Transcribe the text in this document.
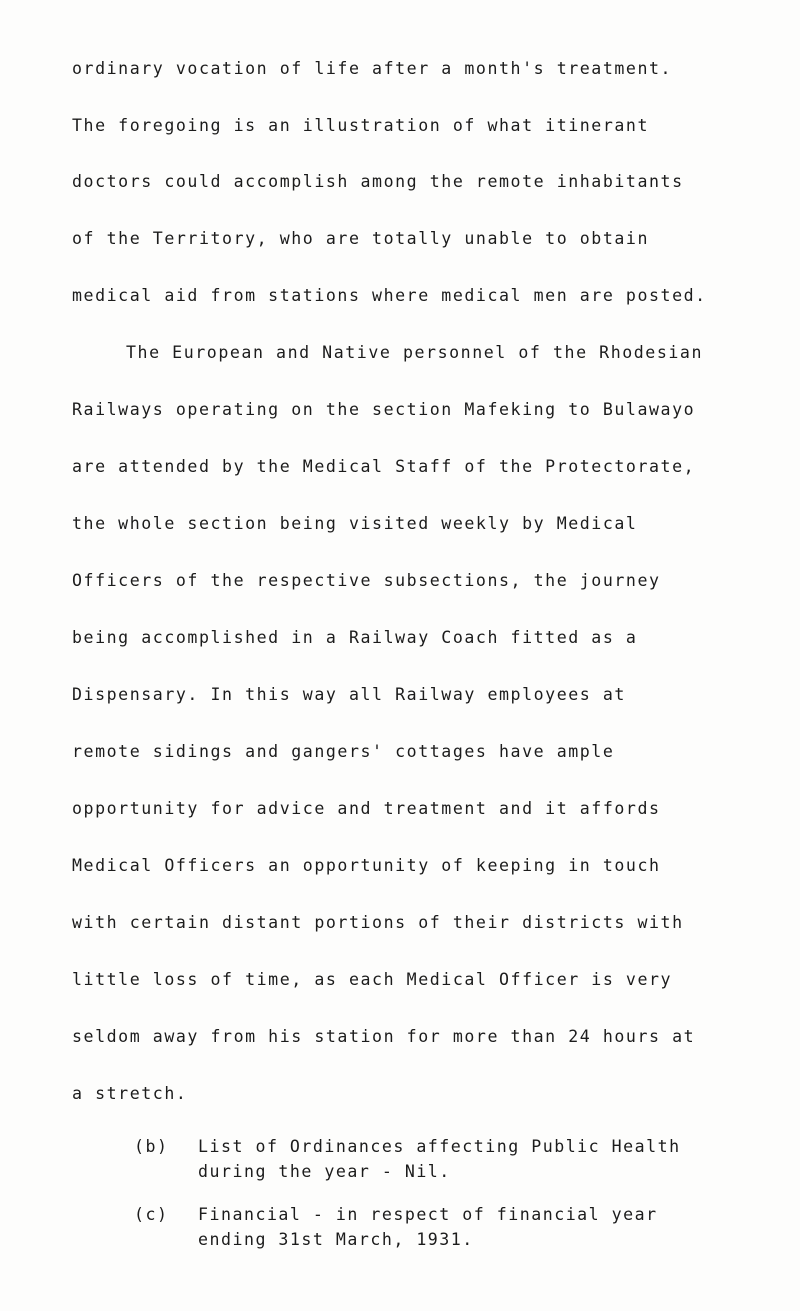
ordinary vocation of life after a month's treatment.
The foregoing is an illustration of what itinerant
doctors could accomplish among the remote inhabitants
of the Territory, who are totally unable to obtain
medical aid from stations where medical men are posted.
The European and Native personnel of the Rhodesian
Railways operating on the section Mafeking to Bulawayo
are attended by the Medical Staff of the Protectorate,
the whole section being visited weekly by Medical
Officers of the respective subsections, the journey
being accomplished in a Railway Coach fitted as a
Dispensary. In this way all Railway employees at
remote sidings and gangers' cottages have ample
opportunity for advice and treatment and it affords
Medical Officers an opportunity of keeping in touch
with certain distant portions of their districts with
little loss of time, as each Medical Officer is very
seldom away from his station for more than 24 hours at
a stretch.
(b) List of Ordinances affecting Public Health
during the year - Nil.
(c) Financial - in respect of financial year
ending 31st March, 1931.
